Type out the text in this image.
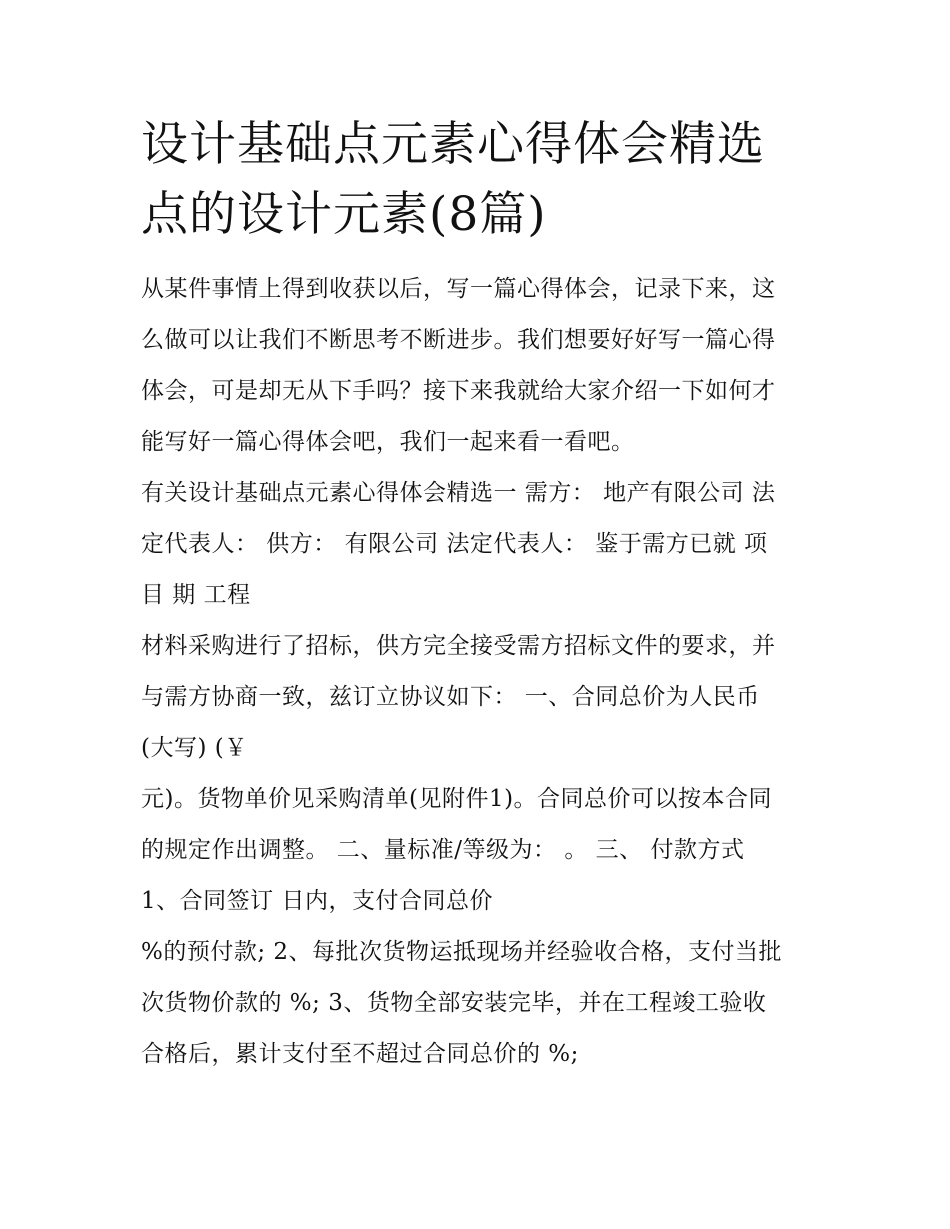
设计基础点元素心得体会精选
点的设计元素(8篇)

从某件事情上得到收获以后，写一篇心得体会，记录下来，这
么做可以让我们不断思考不断进步。我们想要好好写一篇心得
体会，可是却无从下手吗？接下来我就给大家介绍一下如何才
能写好一篇心得体会吧，我们一起来看一看吧。

有关设计基础点元素心得体会精选一 需方： 地产有限公司 法
定代表人： 供方： 有限公司 法定代表人： 鉴于需方已就 项
目 期 工程

材料采购进行了招标，供方完全接受需方招标文件的要求，并
与需方协商一致，兹订立协议如下： 一、合同总价为人民币
(大写) (￥

元)。货物单价见采购清单(见附件1)。合同总价可以按本合同
的规定作出调整。 二、量标准/等级为： 。 三、 付款方式
1、合同签订 日内，支付合同总价

%的预付款; 2、每批次货物运抵现场并经验收合格，支付当批
次货物价款的 %; 3、货物全部安装完毕，并在工程竣工验收
合格后，累计支付至不超过合同总价的 %;
